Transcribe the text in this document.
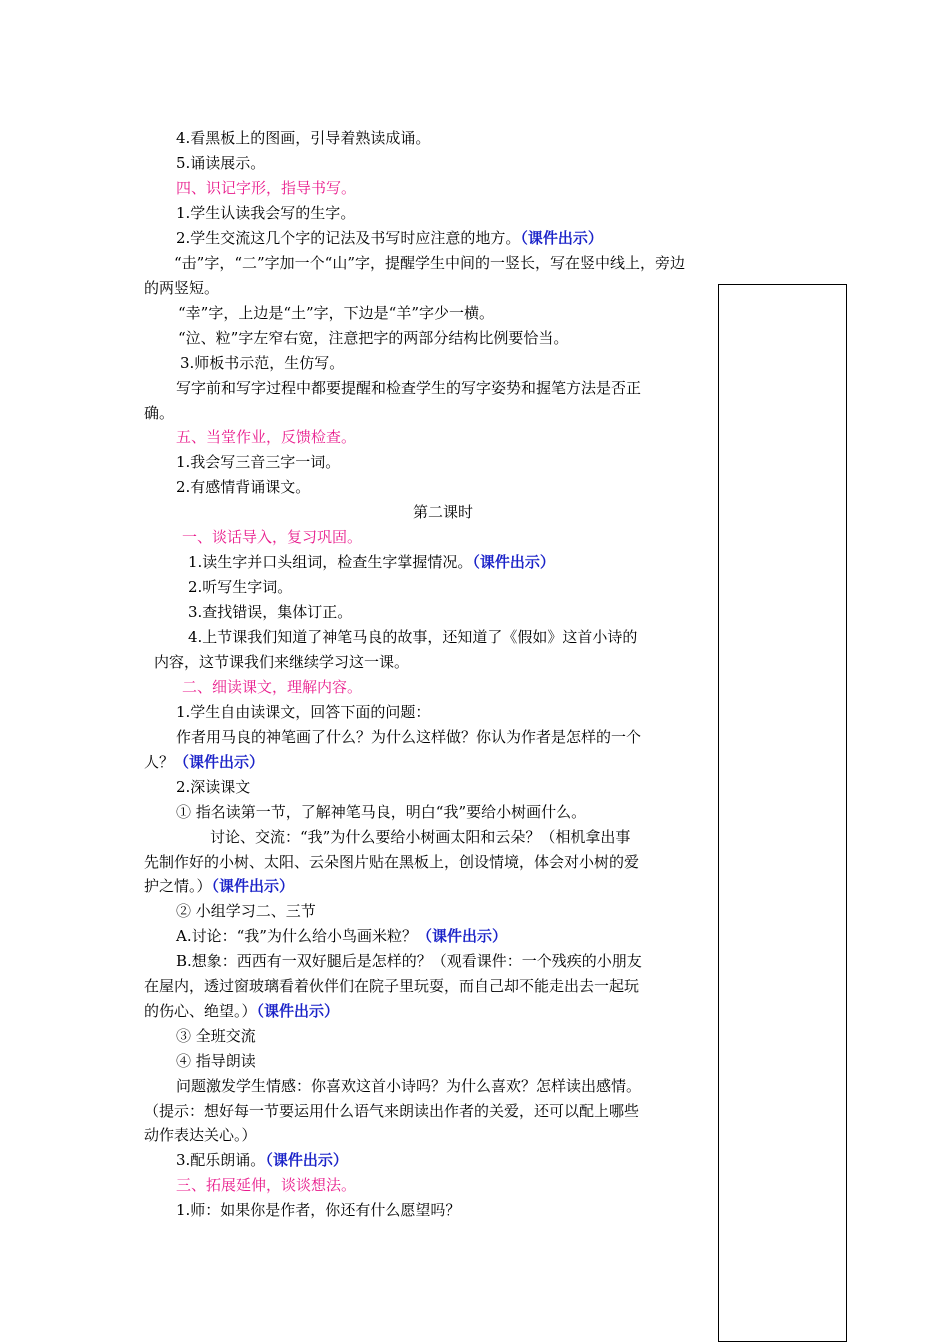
4.看黑板上的图画，引导着熟读成诵。
5.诵读展示。
四、识记字形，指导书写。
1.学生认读我会写的生字。
2.学生交流这几个字的记法及书写时应注意的地方。（课件出示）
“击”字，“二”字加一个“山”字，提醒学生中间的一竖长，写在竖中线上，旁边
的两竖短。
“幸”字，上边是“土”字，下边是“羊”字少一横。
“泣、粒”字左窄右宽，注意把字的两部分结构比例要恰当。
3.师板书示范，生仿写。
写字前和写字过程中都要提醒和检查学生的写字姿势和握笔方法是否正
确。
五、当堂作业，反馈检查。
1.我会写三音三字一词。
2.有感情背诵课文。
第二课时
一、谈话导入，复习巩固。
1.读生字并口头组词，检查生字掌握情况。（课件出示）
2.听写生字词。
3.查找错误，集体订正。
4.上节课我们知道了神笔马良的故事，还知道了《假如》这首小诗的
内容，这节课我们来继续学习这一课。
二、细读课文，理解内容。
1.学生自由读课文，回答下面的问题：
作者用马良的神笔画了什么？为什么这样做？你认为作者是怎样的一个
人？（课件出示）
2.深读课文
① 指名读第一节，了解神笔马良，明白“我”要给小树画什么。
讨论、交流：“我”为什么要给小树画太阳和云朵？（相机拿出事
先制作好的小树、太阳、云朵图片贴在黑板上，创设情境，体会对小树的爱
护之情。）（课件出示）
② 小组学习二、三节
A.讨论：“我”为什么给小鸟画米粒？（课件出示）
B.想象：西西有一双好腿后是怎样的？（观看课件：一个残疾的小朋友
在屋内，透过窗玻璃看着伙伴们在院子里玩耍，而自己却不能走出去一起玩
的伤心、绝望。）（课件出示）
③ 全班交流
④ 指导朗读
问题激发学生情感：你喜欢这首小诗吗？为什么喜欢？怎样读出感情。
（提示：想好每一节要运用什么语气来朗读出作者的关爱，还可以配上哪些
动作表达关心。）
3.配乐朗诵。（课件出示）
三、拓展延伸，谈谈想法。
1.师：如果你是作者，你还有什么愿望吗？
